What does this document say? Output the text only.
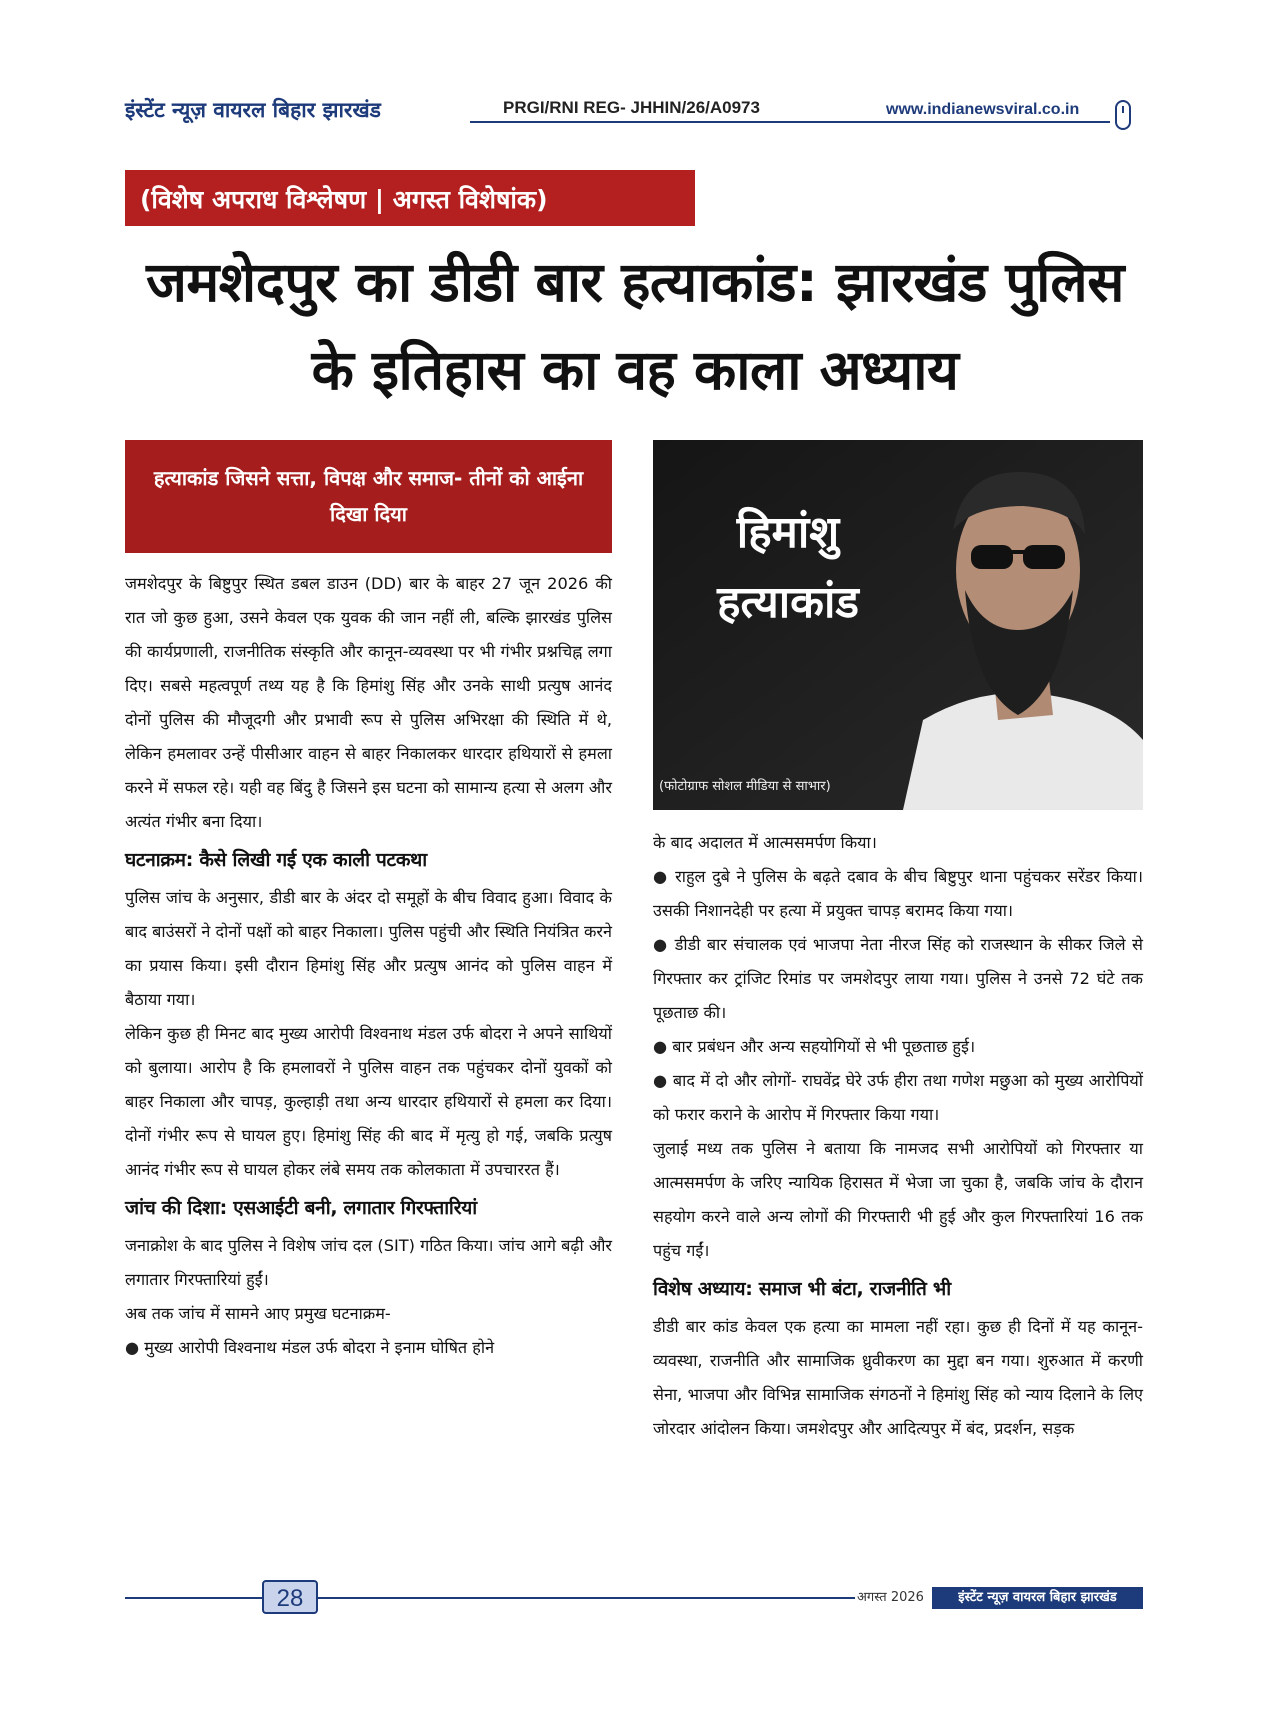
इंस्टेंट न्यूज़ वायरल बिहार झारखंड	PRGI/RNI REG- JHHIN/26/A0973	www.indianewsviral.co.in
(विशेष अपराध विश्लेषण | अगस्त विशेषांक)
जमशेदपुर का डीडी बार हत्याकांड: झारखंड पुलिस के इतिहास का वह काला अध्याय
हत्याकांड जिसने सत्ता, विपक्ष और समाज- तीनों को आईना दिखा दिया	हिमांशु
हत्याकांड
(फोटोग्राफ सोशल मीडिया से साभार)

जमशेदपुर के बिष्टुपुर स्थित डबल डाउन (DD) बार के बाहर 27 जून 2026 की रात जो कुछ हुआ, उसने केवल एक युवक की जान नहीं ली, बल्कि झारखंड पुलिस की कार्यप्रणाली, राजनीतिक संस्कृति और कानून-व्यवस्था पर भी गंभीर प्रश्नचिह्न लगा दिए। सबसे महत्वपूर्ण तथ्य यह है कि हिमांशु सिंह और उनके साथी प्रत्युष आनंद दोनों पुलिस की मौजूदगी और प्रभावी रूप से पुलिस अभिरक्षा की स्थिति में थे, लेकिन हमलावर उन्हें पीसीआर वाहन से बाहर निकालकर धारदार हथियारों से हमला करने में सफल रहे। यही वह बिंदु है जिसने इस घटना को सामान्य हत्या से अलग और अत्यंत गंभीर बना दिया।

घटनाक्रम: कैसे लिखी गई एक काली पटकथा

पुलिस जांच के अनुसार, डीडी बार के अंदर दो समूहों के बीच विवाद हुआ। विवाद के बाद बाउंसरों ने दोनों पक्षों को बाहर निकाला। पुलिस पहुंची और स्थिति नियंत्रित करने का प्रयास किया। इसी दौरान हिमांशु सिंह और प्रत्युष आनंद को पुलिस वाहन में बैठाया गया।

लेकिन कुछ ही मिनट बाद मुख्य आरोपी विश्वनाथ मंडल उर्फ बोदरा ने अपने साथियों को बुलाया। आरोप है कि हमलावरों ने पुलिस वाहन तक पहुंचकर दोनों युवकों को बाहर निकाला और चापड़, कुल्हाड़ी तथा अन्य धारदार हथियारों से हमला कर दिया। दोनों गंभीर रूप से घायल हुए। हिमांशु सिंह की बाद में मृत्यु हो गई, जबकि प्रत्युष आनंद गंभीर रूप से घायल होकर लंबे समय तक कोलकाता में उपचाररत हैं।

जांच की दिशा: एसआईटी बनी, लगातार गिरफ्तारियां

जनाक्रोश के बाद पुलिस ने विशेष जांच दल (SIT) गठित किया। जांच आगे बढ़ी और लगातार गिरफ्तारियां हुईं।

अब तक जांच में सामने आए प्रमुख घटनाक्रम-

● मुख्य आरोपी विश्वनाथ मंडल उर्फ बोदरा ने इनाम घोषित होने

के बाद अदालत में आत्मसमर्पण किया।

● राहुल दुबे ने पुलिस के बढ़ते दबाव के बीच बिष्टुपुर थाना पहुंचकर सरेंडर किया। उसकी निशानदेही पर हत्या में प्रयुक्त चापड़ बरामद किया गया।

● डीडी बार संचालक एवं भाजपा नेता नीरज सिंह को राजस्थान के सीकर जिले से गिरफ्तार कर ट्रांजिट रिमांड पर जमशेदपुर लाया गया। पुलिस ने उनसे 72 घंटे तक पूछताछ की।

● बार प्रबंधन और अन्य सहयोगियों से भी पूछताछ हुई।

● बाद में दो और लोगों- राघवेंद्र घेरे उर्फ हीरा तथा गणेश मछुआ को मुख्य आरोपियों को फरार कराने के आरोप में गिरफ्तार किया गया।

जुलाई मध्य तक पुलिस ने बताया कि नामजद सभी आरोपियों को गिरफ्तार या आत्मसमर्पण के जरिए न्यायिक हिरासत में भेजा जा चुका है, जबकि जांच के दौरान सहयोग करने वाले अन्य लोगों की गिरफ्तारी भी हुई और कुल गिरफ्तारियां 16 तक पहुंच गईं।

विशेष अध्याय: समाज भी बंटा, राजनीति भी

डीडी बार कांड केवल एक हत्या का मामला नहीं रहा। कुछ ही दिनों में यह कानून- व्यवस्था, राजनीति और सामाजिक ध्रुवीकरण का मुद्दा बन गया। शुरुआत में करणी सेना, भाजपा और विभिन्न सामाजिक संगठनों ने हिमांशु सिंह को न्याय दिलाने के लिए जोरदार आंदोलन किया। जमशेदपुर और आदित्यपुर में बंद, प्रदर्शन, सड़क

28	अगस्त 2026	इंस्टेंट न्यूज़ वायरल बिहार झारखंड
